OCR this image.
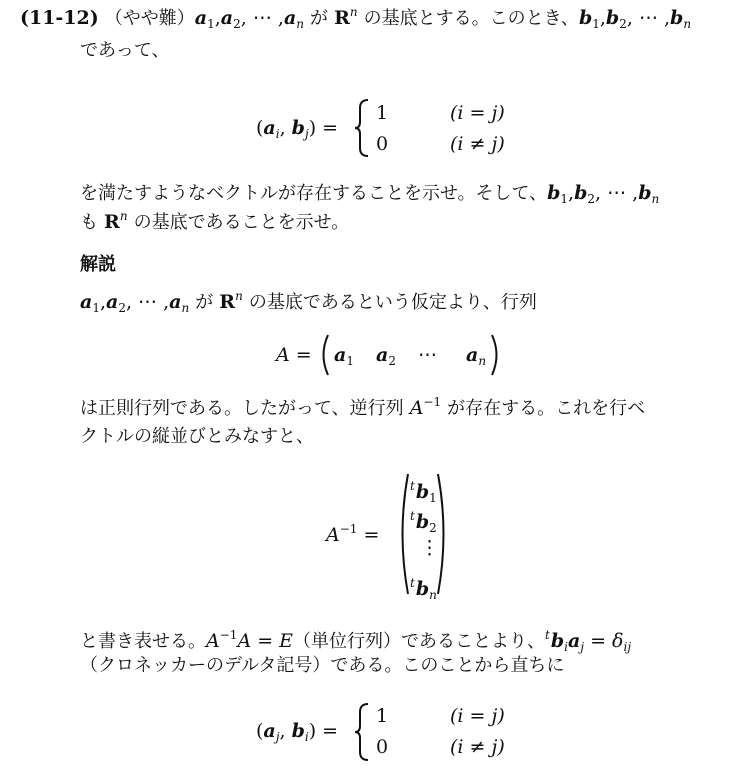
(11-12) （やや難）$a_1,a_2$, ⋯ $,a_n$ が $R^n$ の基底とする。このとき、$b_1,b_2$, ⋯ $,b_n$
であって、
($a_i$, $b_j$) =
1	(i = j)
0	(i ≠ j)
を満たすようなベクトルが存在することを示せ。そして、$b_1,b_2$, ⋯ $,b_n$
も $R^n$ の基底であることを示せ。
解説
$a_1,a_2$, ⋯ $,a_n$ が $R^n$ の基底であるという仮定より、行列
$A = a_1$ $a_2$ ⋯ $a_n$
は正則行列である。したがって、逆行列 $A^{-1}$ が存在する。これを行ベ
クトルの縦並びとみなすと、
$A^{-1}$ =
$^tb_1$
$^tb_2$
⋮
$^tb_n$
と書き表せる。$A^{-1}A = E$（単位行列）であることより、$^tb_ia_j = \delta_{ij}$
（クロネッカーのデルタ記号）である。このことから直ちに
($a_j$, $b_i$) =
1	(i = j)
0	(i ≠ j)
